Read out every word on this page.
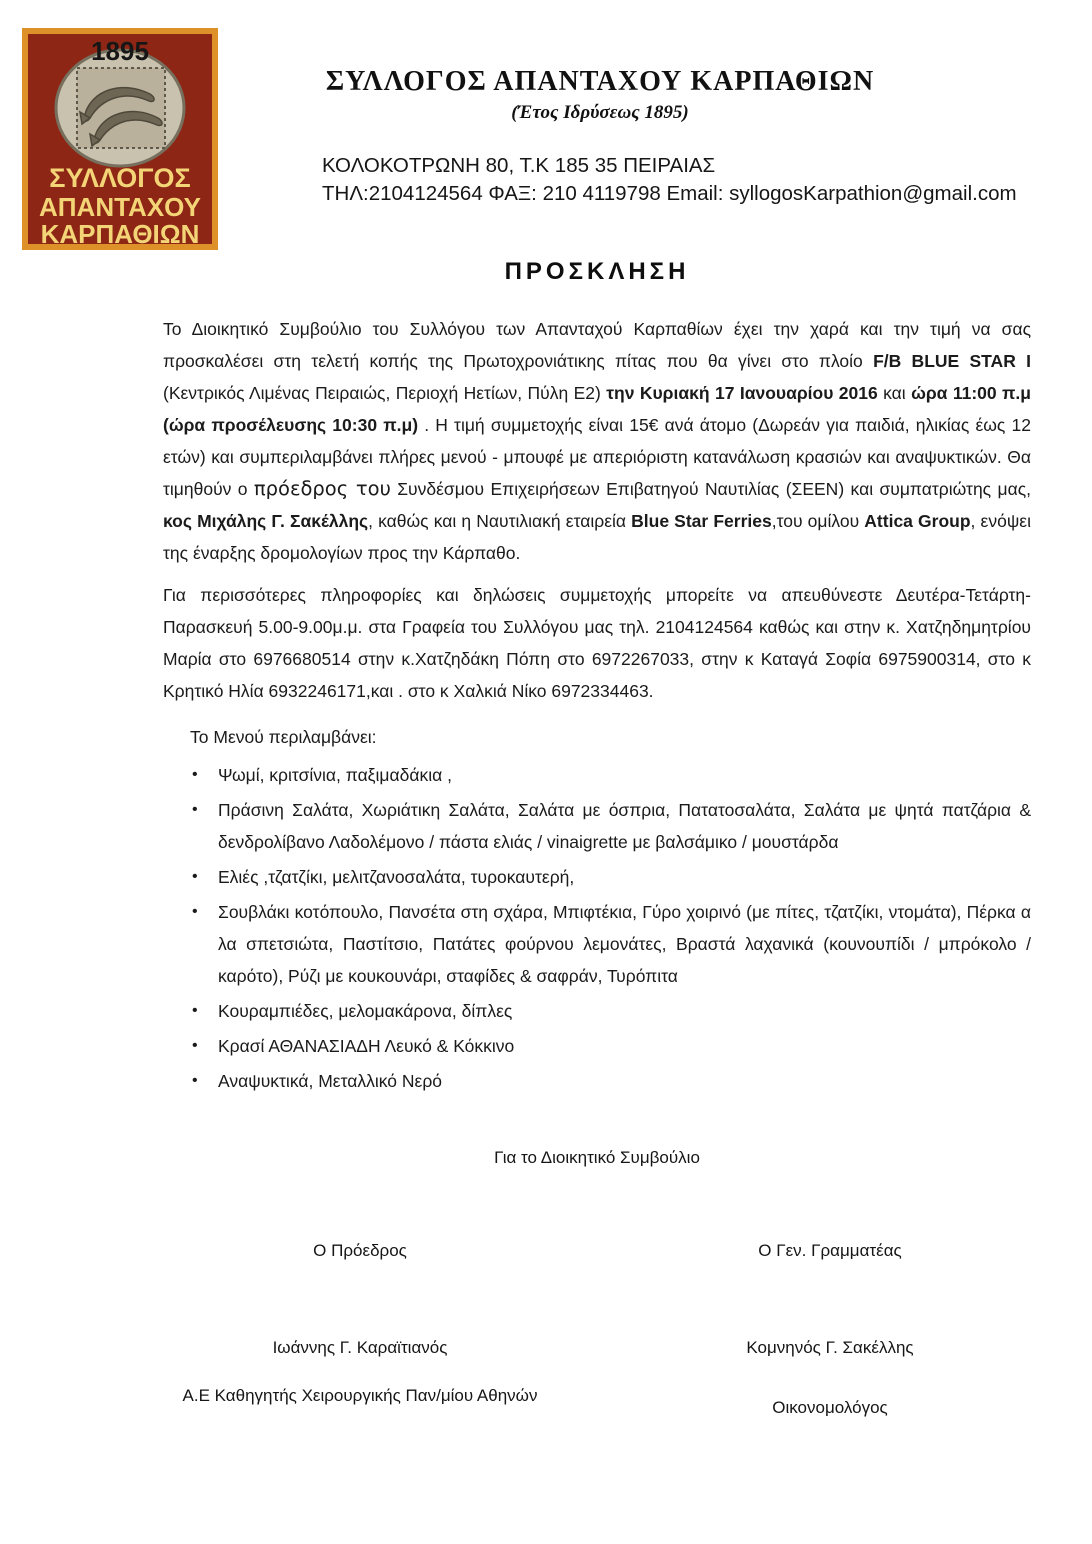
1895
ΣΥΛΛΟΓΟΣ
ΑΠΑΝΤΑΧΟΥ
ΚΑΡΠΑΘΙΩΝ
ΣΥΛΛΟΓΟΣ ΑΠΑΝΤΑΧΟΥ ΚΑΡΠΑΘΙΩΝ
(Έτος Ιδρύσεως 1895)
ΚΟΛΟΚΟΤΡΩΝΗ 80, Τ.Κ 185 35 ΠΕΙΡΑΙΑΣ
ΤΗΛ:2104124564 ΦΑΞ: 210 4119798 Email: syllogosKarpathion@gmail.com
ΠΡΟΣΚΛΗΣΗ

Το Διοικητικό Συμβούλιο του Συλλόγου των Απανταχού Καρπαθίων έχει την χαρά και την τιμή να σας προσκαλέσει στη τελετή κοπής της Πρωτοχρονιάτικης πίτας που θα γίνει στο πλοίο F/B BLUE STAR I (Κεντρικός Λιμένας Πειραιώς, Περιοχή Ηετίων, Πύλη Ε2) την Κυριακή 17 Ιανουαρίου 2016 και ώρα 11:00 π.μ (ώρα προσέλευσης 10:30 π.μ) . Η τιμή συμμετοχής είναι 15€ ανά άτομο (Δωρεάν για παιδιά, ηλικίας έως 12 ετών) και συμπεριλαμβάνει πλήρες μενού - μπουφέ με απεριόριστη κατανάλωση κρασιών και αναψυκτικών. Θα τιμηθούν ο πρόεδρος του Συνδέσμου Επιχειρήσεων Επιβατηγού Ναυτιλίας (ΣΕΕΝ) και συμπατριώτης μας, κος Μιχάλης Γ. Σακέλλης, καθώς και η Ναυτιλιακή εταιρεία Blue Star Ferries,του ομίλου Attica Group, ενόψει της έναρξης δρομολογίων προς την Κάρπαθο.

Για περισσότερες πληροφορίες και δηλώσεις συμμετοχής μπορείτε να απευθύνεστε Δευτέρα-Τετάρτη-Παρασκευή 5.00-9.00μ.μ. στα Γραφεία του Συλλόγου μας τηλ. 2104124564 καθώς και στην κ. Χατζηδημητρίου Μαρία στο 6976680514 στην κ.Χατζηδάκη Πόπη στο 6972267033, στην κ Καταγά Σοφία 6975900314, στο κ Κρητικό Ηλία 6932246171,και . στο κ Χαλκιά Νίκο 6972334463.

Το Μενού περιλαμβάνει:
• Ψωμί, κριτσίνια, παξιμαδάκια ,
• Πράσινη Σαλάτα, Χωριάτικη Σαλάτα, Σαλάτα με όσπρια, Πατατοσαλάτα, Σαλάτα με ψητά πατζάρια & δενδρολίβανο Λαδολέμονο / πάστα ελιάς / vinaigrette με βαλσάμικο / μουστάρδα
• Ελιές ,τζατζίκι, μελιτζανοσαλάτα, τυροκαυτερή,
• Σουβλάκι κοτόπουλο, Πανσέτα στη σχάρα, Μπιφτέκια, Γύρο χοιρινό (με πίτες, τζατζίκι, ντομάτα), Πέρκα α λα σπετσιώτα, Παστίτσιο, Πατάτες φούρνου λεμονάτες, Βραστά λαχανικά (κουνουπίδι / μπρόκολο / καρότο), Ρύζι με κουκουνάρι, σταφίδες & σαφράν, Τυρόπιτα
• Κουραμπιέδες, μελομακάρονα, δίπλες
• Κρασί ΑΘΑΝΑΣΙΑΔΗ Λευκό & Κόκκινο
• Αναψυκτικά, Μεταλλικό Νερό
Για το Διοικητικό Συμβούλιο
Ο Πρόεδρος	Ο Γεν. Γραμματέας
Ιωάννης Γ. Καραϊτιανός	Κομνηνός Γ. Σακέλλης
Α.Ε Καθηγητής Χειρουργικής Παν/μίου Αθηνών
Οικονομολόγος
